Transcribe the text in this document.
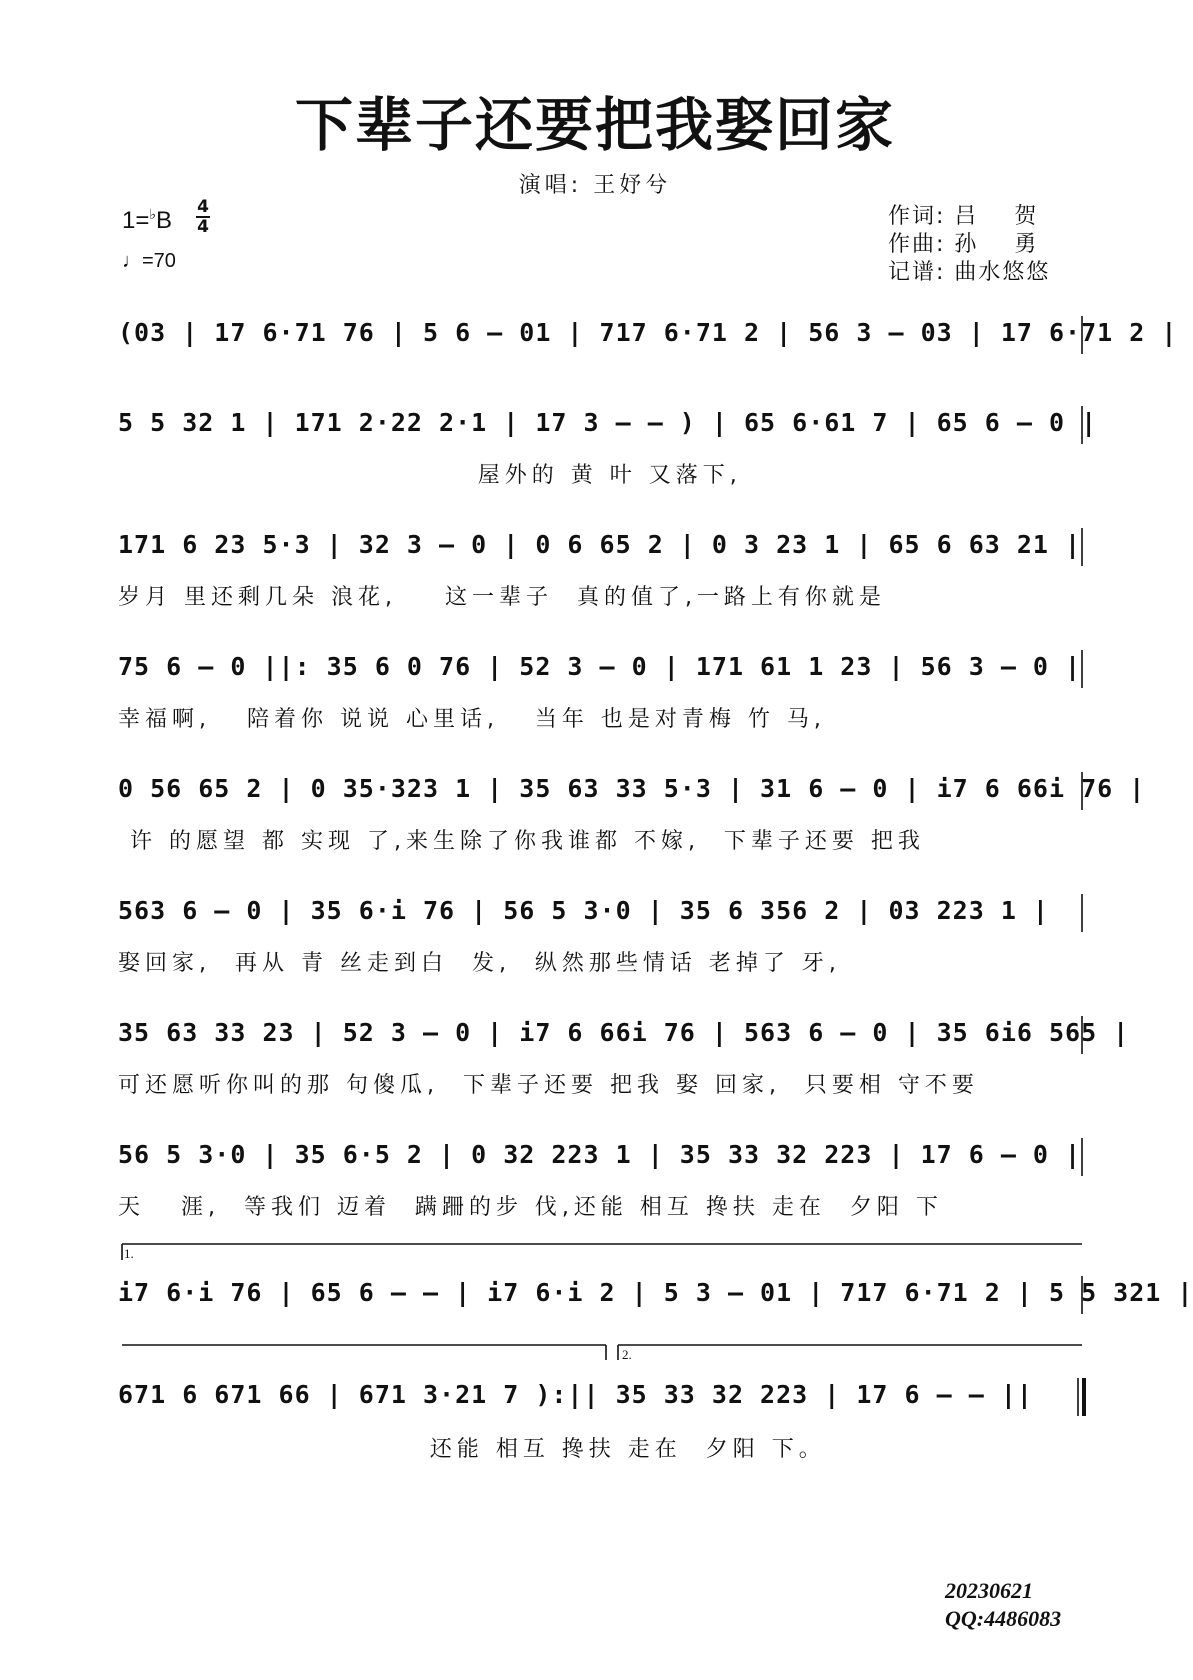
下辈子还要把我娶回家
演唱: 王妤兮
1=♭B 4
4
♩=70
作词: 吕    贺
作曲: 孙    勇
记谱: 曲水悠悠
(03 | 17 6·71 76 | 5 6 – 01 | 717 6·71 2 | 56 3 – 03 | 17 6·71 2 |
5 5 32 1 | 171 2·22 2·1 | 17 3 – – ) | 65 6·61 7 | 65 6 – 0 |
屋外的 黄 叶 又落下,
171 6 23 5·3 | 32 3 – 0 | 0 6 65 2 | 0 3 23 1 | 65 6 63 21 |
岁月 里还剩几朵 浪花,    这一辈子  真的值了,一路上有你就是
75 6 – 0 ||: 35 6 0 76 | 52 3 – 0 | 171 61 1 23 | 56 3 – 0 |
幸福啊,   陪着你 说说 心里话,   当年 也是对青梅 竹 马,
0 56 65 2 | 0 35·323 1 | 35 63 33 5·3 | 31 6 – 0 | i7 6 66i 76 |
许 的愿望 都 实现 了,来生除了你我谁都 不嫁,  下辈子还要 把我
563 6 – 0 | 35 6·i 76 | 56 5 3·0 | 35 6 356 2 | 03 223 1 |
娶回家,  再从 青 丝走到白  发,  纵然那些情话 老掉了 牙,
35 63 33 23 | 52 3 – 0 | i7 6 66i 76 | 563 6 – 0 | 35 6i6 565 |
可还愿听你叫的那 句傻瓜,  下辈子还要 把我 娶 回家,  只要相 守不要
56 5 3·0 | 35 6·5 2 | 0 32 223 1 | 35 33 32 223 | 17 6 – 0 |
天   涯,  等我们 迈着  蹒跚的步 伐,还能 相互 搀扶 走在  夕阳 下
1.
i7 6·i 76 | 65 6 – – | i7 6·i 2 | 5 3 – 01 | 717 6·71 2 | 5 5 321 |
2.
671 6 671 66 | 671 3·21 7 ):|| 35 33 32 223 | 17 6 – – ||
还能 相互 搀扶 走在  夕阳 下。
20230621
QQ:4486083
